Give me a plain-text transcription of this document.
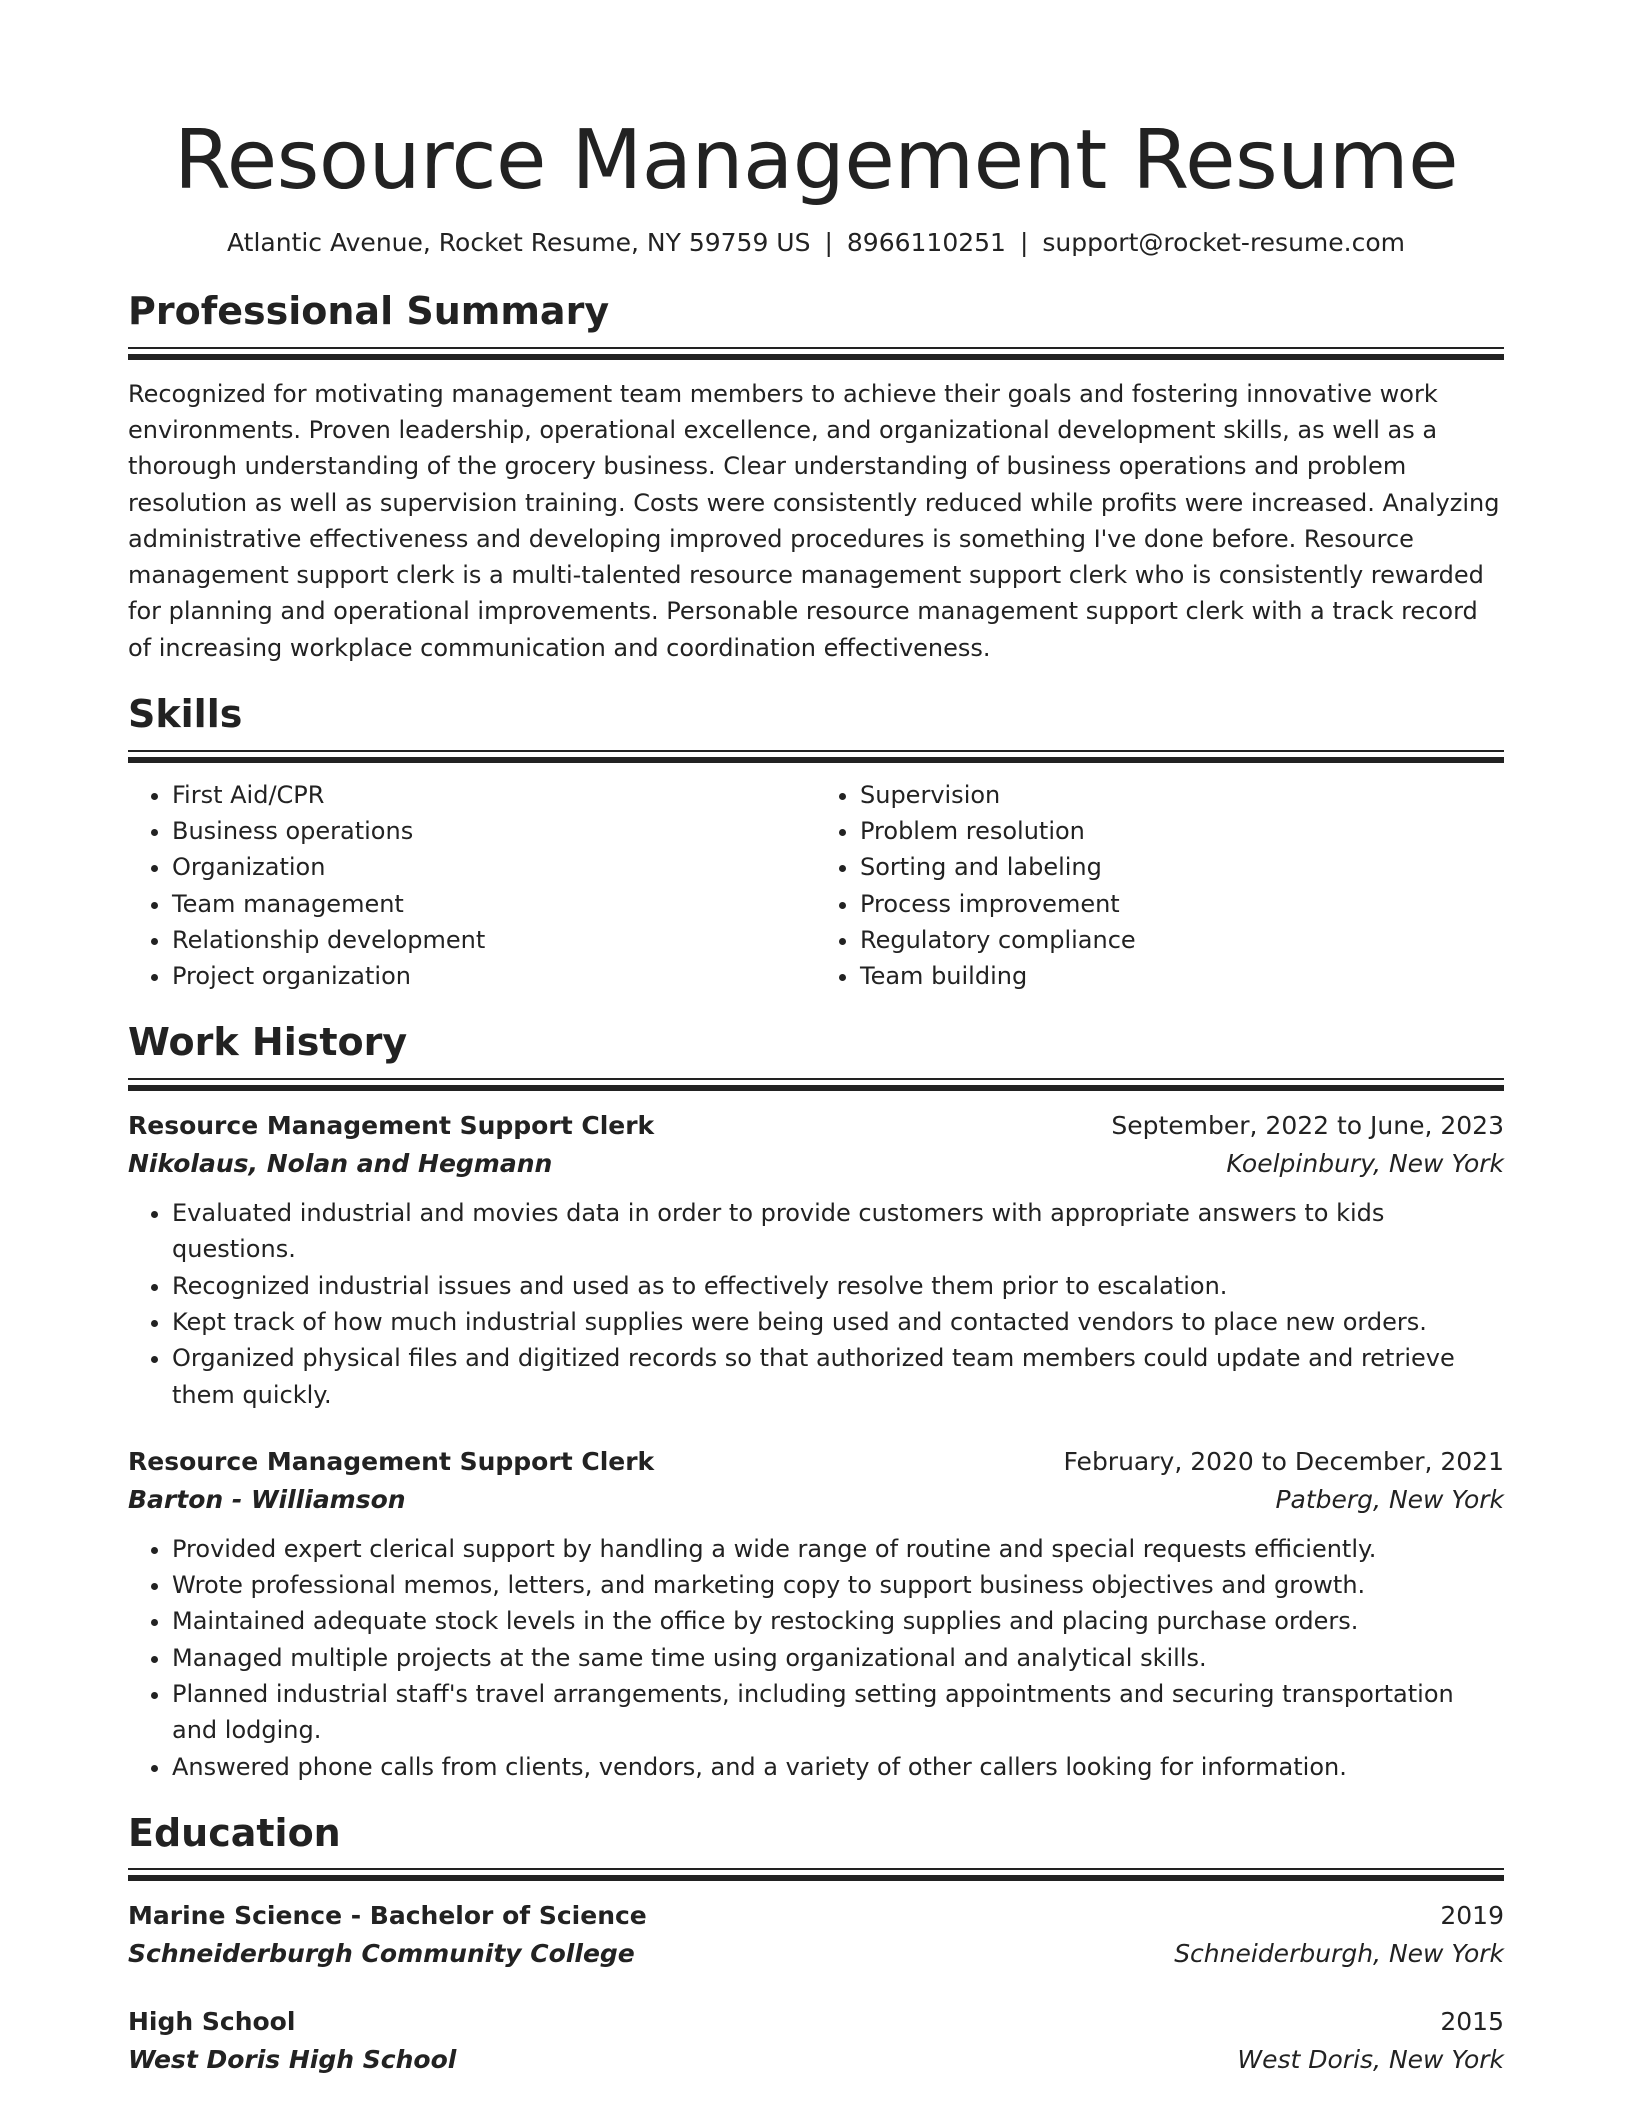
Resource Management Resume
Atlantic Avenue, Rocket Resume, NY 59759 US | 8966110251 | support@rocket-resume.com
Professional Summary
Recognized for motivating management team members to achieve their goals and fostering innovative work environments. Proven leadership, operational excellence, and organizational development skills, as well as a thorough understanding of the grocery business. Clear understanding of business operations and problem resolution as well as supervision training. Costs were consistently reduced while profits were increased. Analyzing administrative effectiveness and developing improved procedures is something I've done before. Resource management support clerk is a multi-talented resource management support clerk who is consistently rewarded for planning and operational improvements. Personable resource management support clerk with a track record of increasing workplace communication and coordination effectiveness.
Skills
• First Aid/CPR
• Business operations
• Organization
• Team management
• Relationship development
• Project organization
• Supervision
• Problem resolution
• Sorting and labeling
• Process improvement
• Regulatory compliance
• Team building
Work History
Resource Management Support Clerk	September, 2022 to June, 2023
Nikolaus, Nolan and Hegmann	Koelpinbury, New York
• Evaluated industrial and movies data in order to provide customers with appropriate answers to kids questions.
• Recognized industrial issues and used as to effectively resolve them prior to escalation.
• Kept track of how much industrial supplies were being used and contacted vendors to place new orders.
• Organized physical files and digitized records so that authorized team members could update and retrieve them quickly.
Resource Management Support Clerk	February, 2020 to December, 2021
Barton - Williamson	Patberg, New York
• Provided expert clerical support by handling a wide range of routine and special requests efficiently.
• Wrote professional memos, letters, and marketing copy to support business objectives and growth.
• Maintained adequate stock levels in the office by restocking supplies and placing purchase orders.
• Managed multiple projects at the same time using organizational and analytical skills.
• Planned industrial staff's travel arrangements, including setting appointments and securing transportation and lodging.
• Answered phone calls from clients, vendors, and a variety of other callers looking for information.
Education
Marine Science - Bachelor of Science	2019
Schneiderburgh Community College	Schneiderburgh, New York
High School	2015
West Doris High School	West Doris, New York
